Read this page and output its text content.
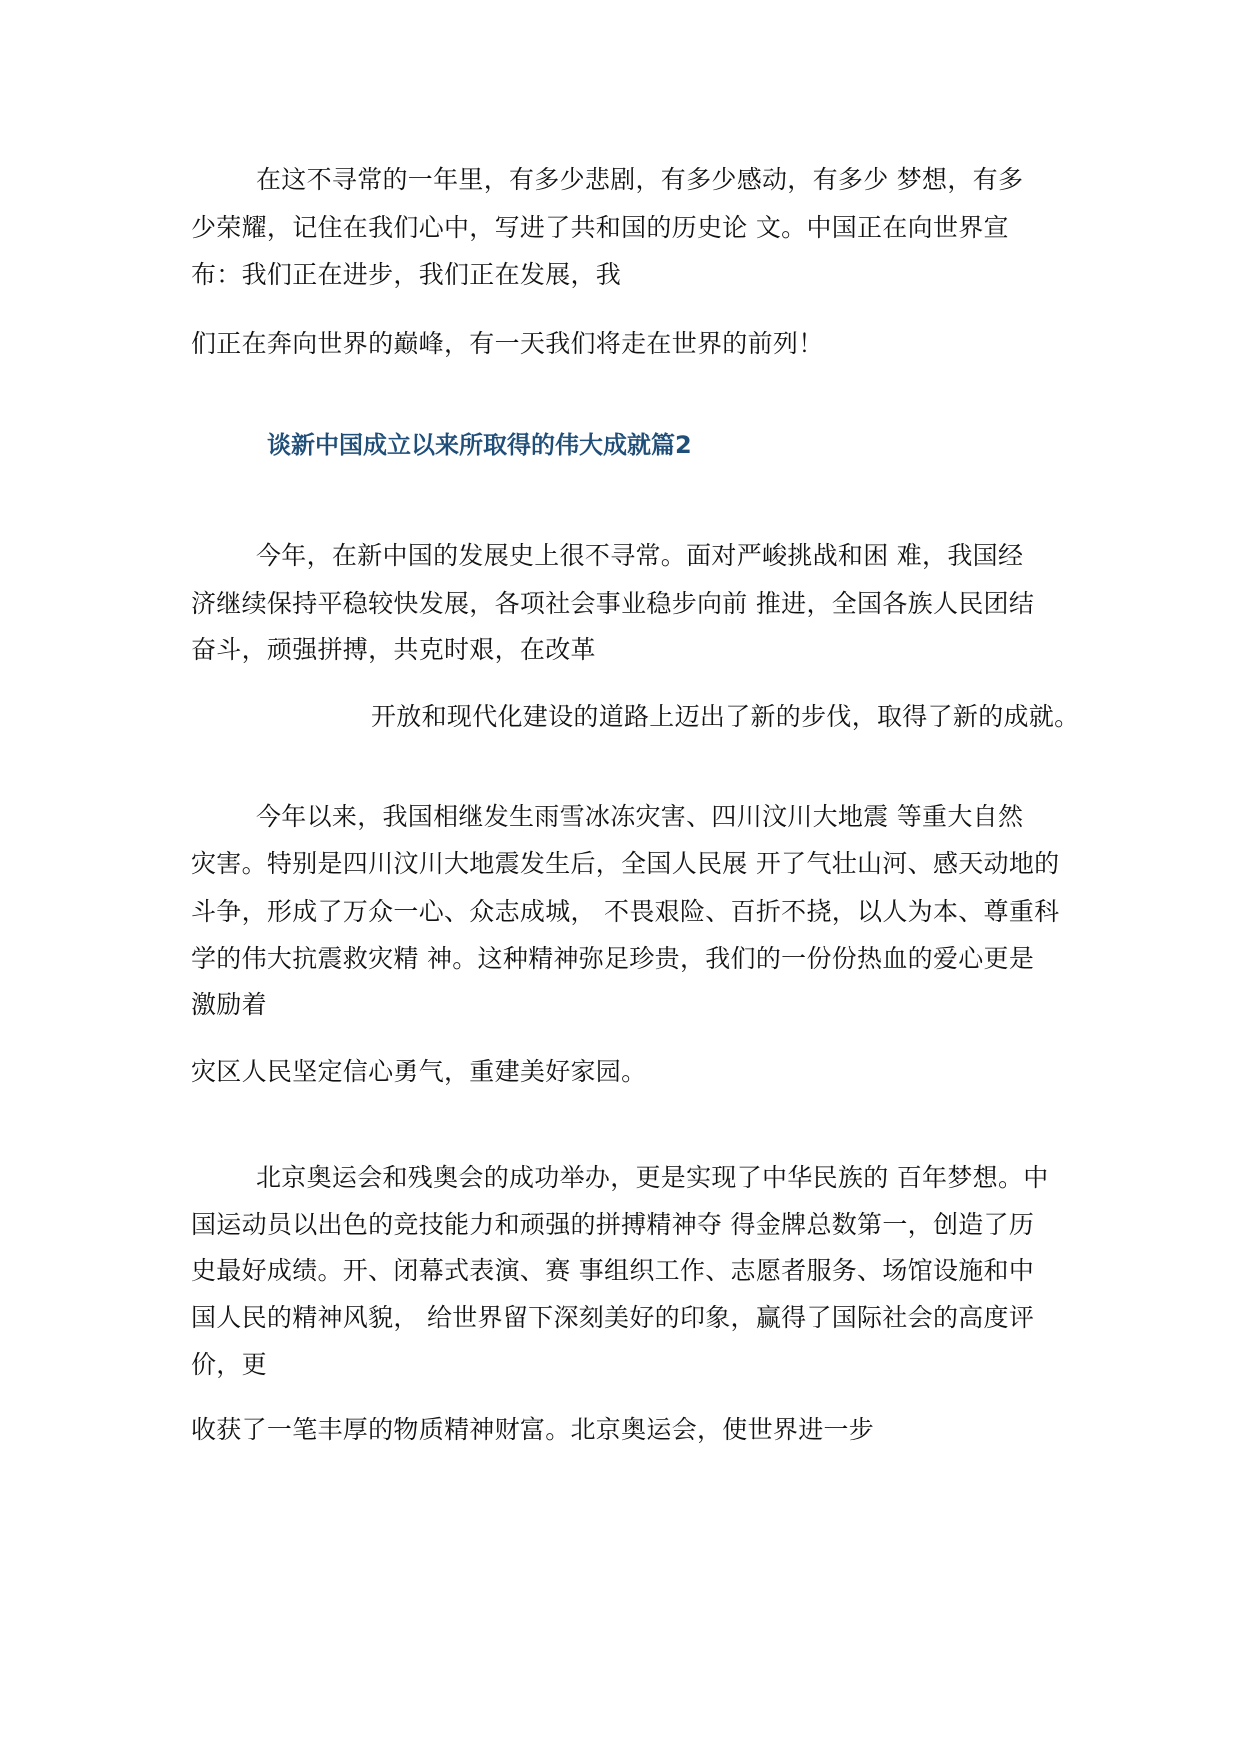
在这不寻常的一年里，有多少悲剧，有多少感动，有多少 梦想，有多
少荣耀，记住在我们心中，写进了共和国的历史论 文。中国正在向世界宣
布：我们正在进步，我们正在发展，我
们正在奔向世界的巅峰，有一天我们将走在世界的前列！
谈新中国成立以来所取得的伟大成就篇2
今年，在新中国的发展史上很不寻常。面对严峻挑战和困 难，我国经
济继续保持平稳较快发展，各项社会事业稳步向前 推进，全国各族人民团结
奋斗，顽强拼搏，共克时艰，在改革
开放和现代化建设的道路上迈出了新的步伐，取得了新的成就。
今年以来，我国相继发生雨雪冰冻灾害、四川汶川大地震 等重大自然
灾害。特别是四川汶川大地震发生后，全国人民展 开了气壮山河、感天动地的
斗争，形成了万众一心、众志成城， 不畏艰险、百折不挠，以人为本、尊重科
学的伟大抗震救灾精 神。这种精神弥足珍贵，我们的一份份热血的爱心更是
激励着
灾区人民坚定信心勇气，重建美好家园。
北京奥运会和残奥会的成功举办，更是实现了中华民族的 百年梦想。中
国运动员以出色的竞技能力和顽强的拼搏精神夺 得金牌总数第一，创造了历
史最好成绩。开、闭幕式表演、赛 事组织工作、志愿者服务、场馆设施和中
国人民的精神风貌， 给世界留下深刻美好的印象，赢得了国际社会的高度评
价，更
收获了一笔丰厚的物质精神财富。北京奥运会，使世界进一步
